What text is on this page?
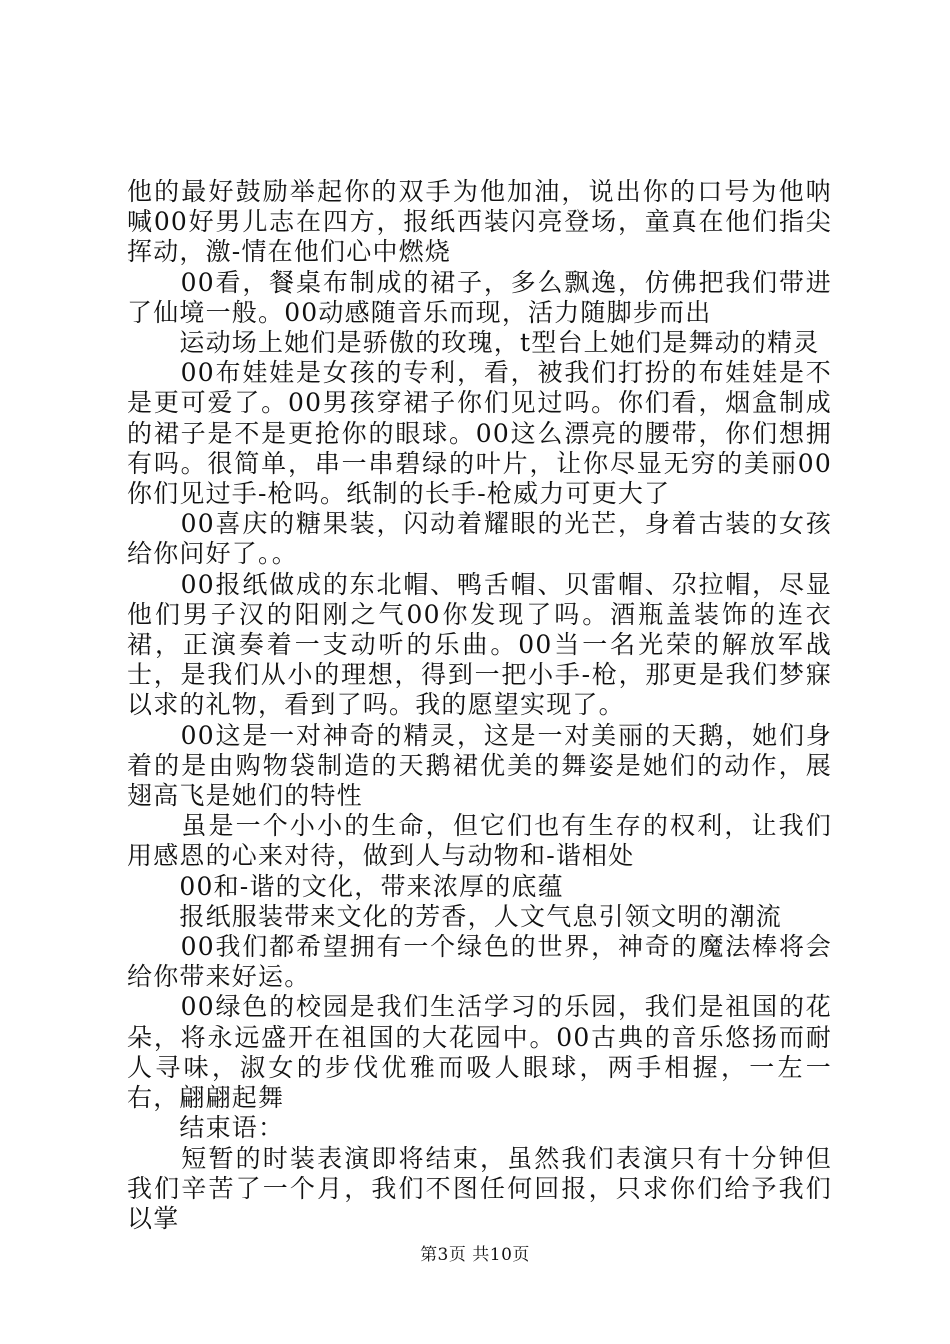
他的最好鼓励举起你的双手为他加油，说出你的口号为他呐喊00好男儿志在四方，报纸西装闪亮登场，童真在他们指尖挥动，激-情在他们心中燃烧

　　00看，餐桌布制成的裙子，多么飘逸，仿佛把我们带进了仙境一般。00动感随音乐而现，活力随脚步而出

　　运动场上她们是骄傲的玫瑰，t型台上她们是舞动的精灵

　　00布娃娃是女孩的专利，看，被我们打扮的布娃娃是不是更可爱了。00男孩穿裙子你们见过吗。你们看，烟盒制成的裙子是不是更抢你的眼球。00这么漂亮的腰带，你们想拥有吗。很简单，串一串碧绿的叶片，让你尽显无穷的美丽00你们见过手-枪吗。纸制的长手-枪威力可更大了

　　00喜庆的糖果装，闪动着耀眼的光芒，身着古装的女孩给你问好了。。

　　00报纸做成的东北帽、鸭舌帽、贝雷帽、尕拉帽，尽显他们男子汉的阳刚之气00你发现了吗。酒瓶盖装饰的连衣裙，正演奏着一支动听的乐曲。00当一名光荣的解放军战士，是我们从小的理想，得到一把小手-枪，那更是我们梦寐以求的礼物，看到了吗。我的愿望实现了。

　　00这是一对神奇的精灵，这是一对美丽的天鹅，她们身着的是由购物袋制造的天鹅裙优美的舞姿是她们的动作，展翅高飞是她们的特性

　　虽是一个小小的生命，但它们也有生存的权利，让我们用感恩的心来对待，做到人与动物和-谐相处

　　00和-谐的文化，带来浓厚的底蕴

　　报纸服装带来文化的芳香，人文气息引领文明的潮流

　　00我们都希望拥有一个绿色的世界，神奇的魔法棒将会给你带来好运。

　　00绿色的校园是我们生活学习的乐园，我们是祖国的花朵，将永远盛开在祖国的大花园中。00古典的音乐悠扬而耐人寻味，淑女的步伐优雅而吸人眼球，两手相握，一左一右，翩翩起舞

　　结束语：

　　短暂的时装表演即将结束，虽然我们表演只有十分钟但我们辛苦了一个月，我们不图任何回报，只求你们给予我们以掌

第3页 共10页
